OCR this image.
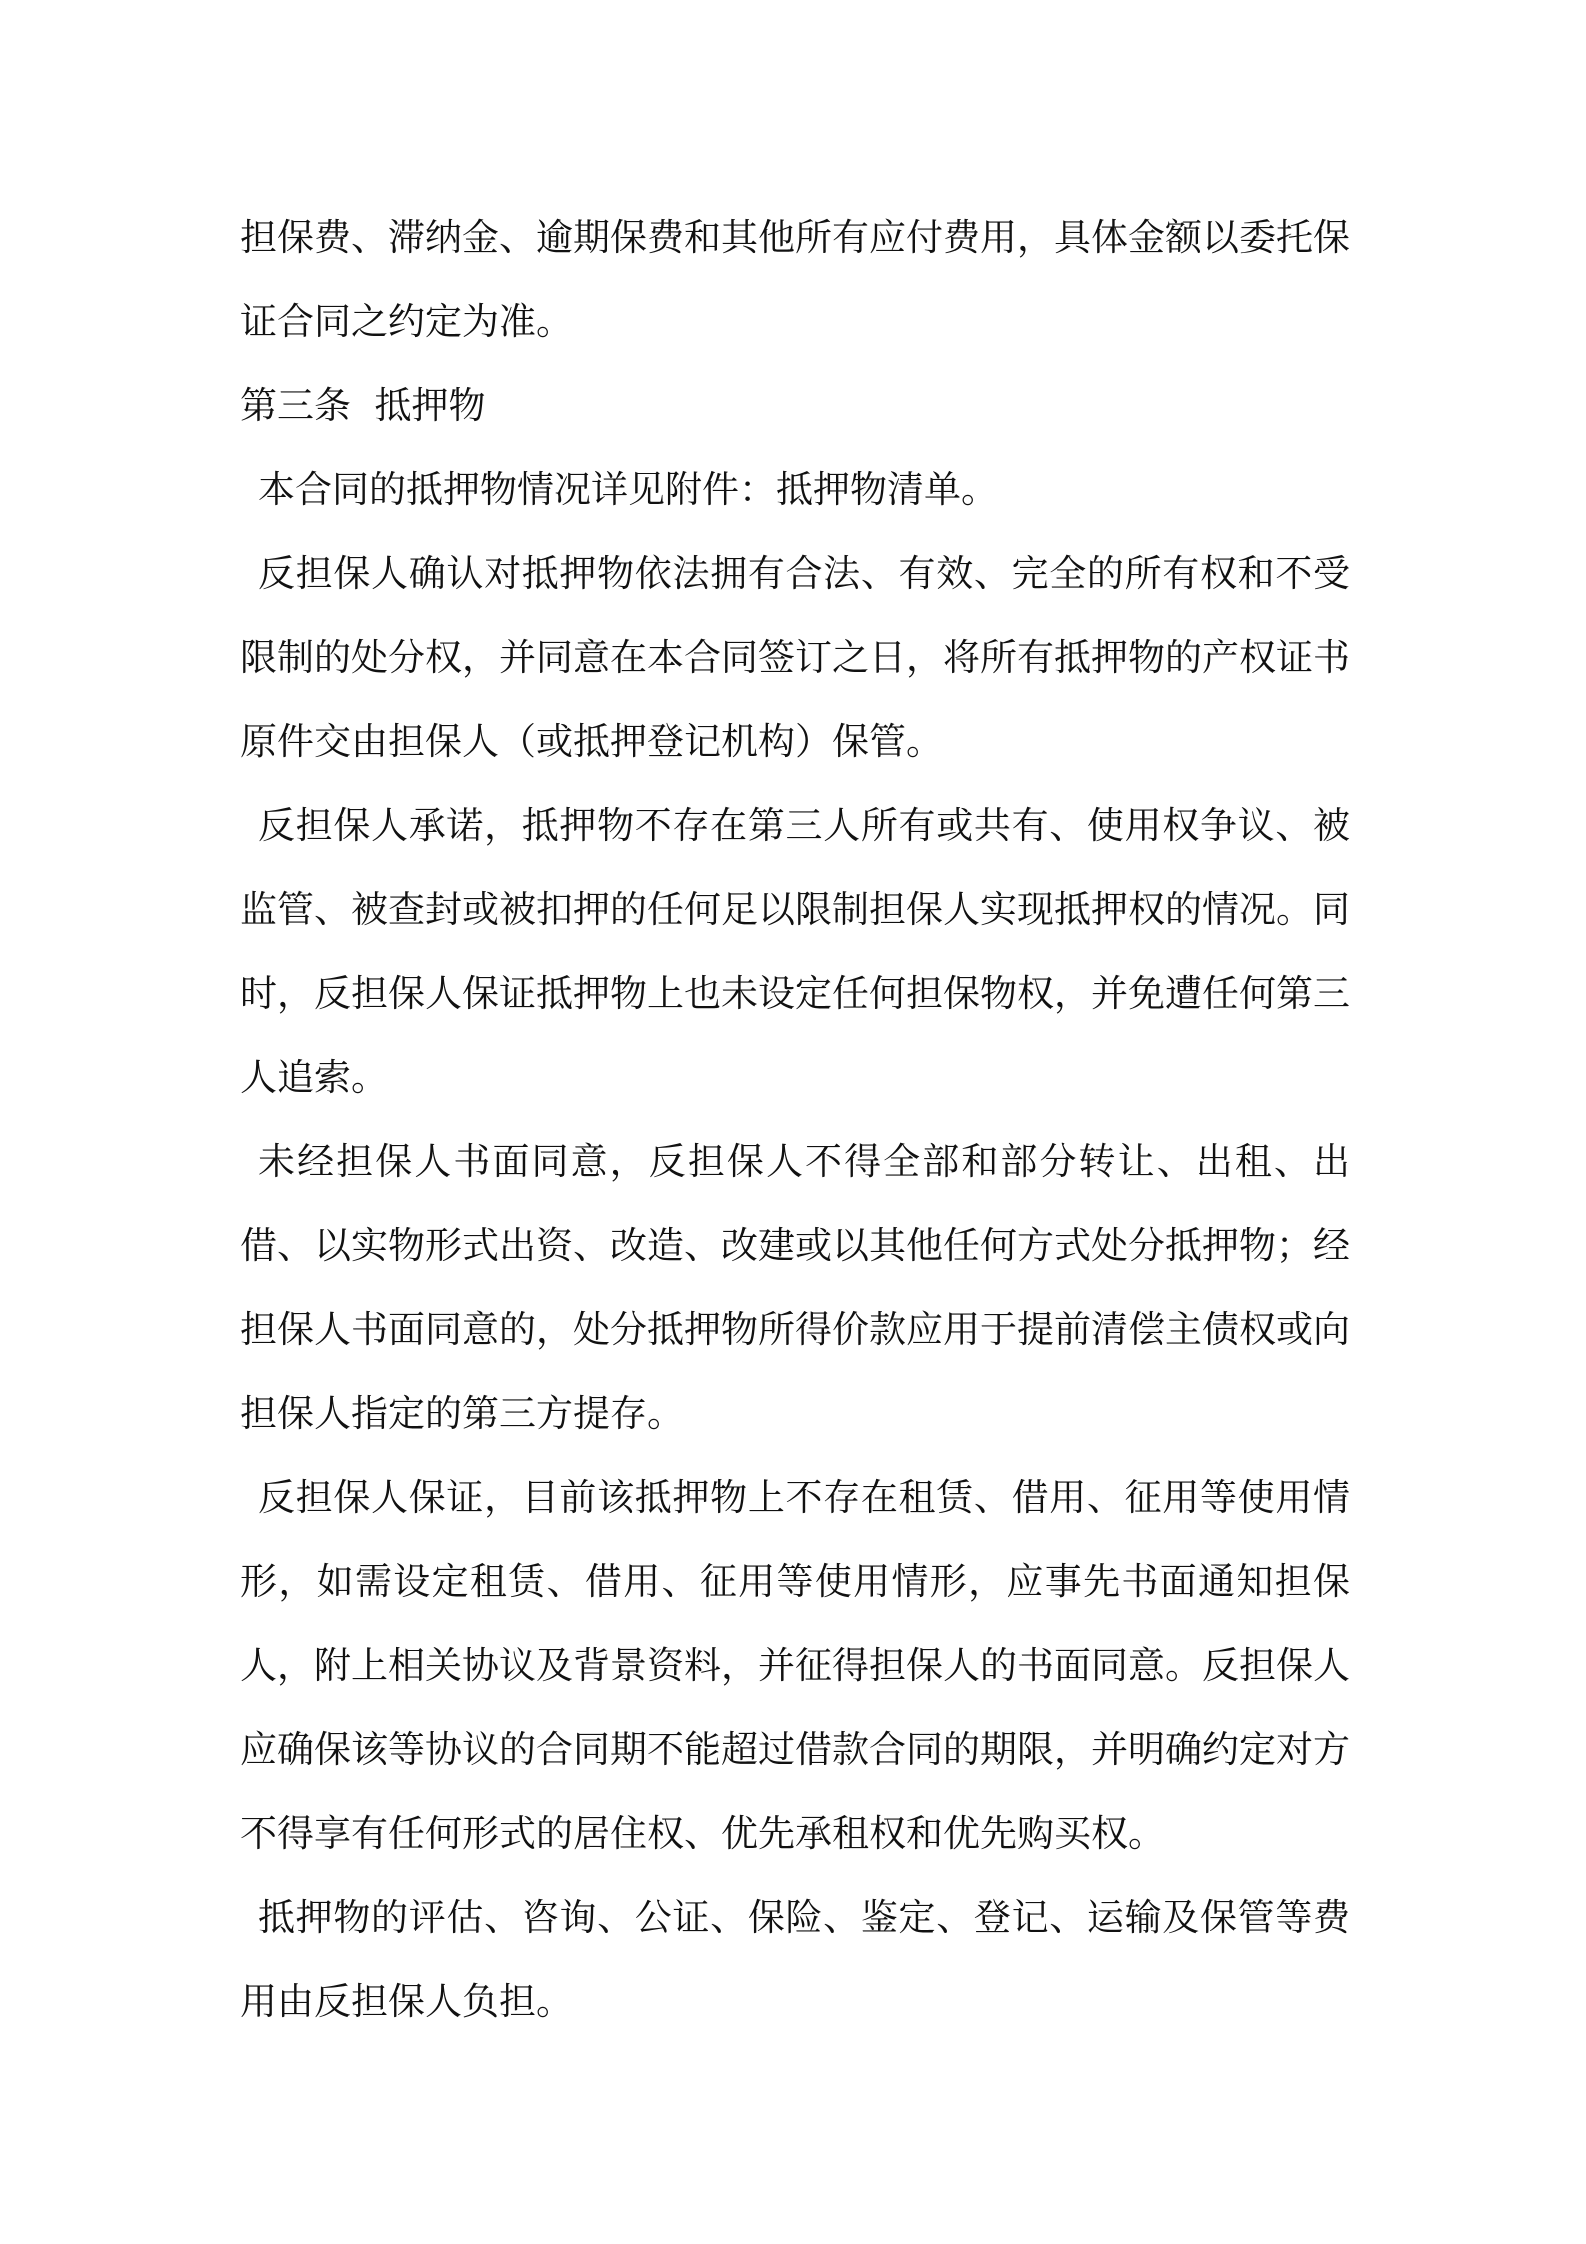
担保费、滞纳金、逾期保费和其他所有应付费用，具体金额以委托保证合同之约定为准。

第三条  抵押物

本合同的抵押物情况详见附件：抵押物清单。

反担保人确认对抵押物依法拥有合法、有效、完全的所有权和不受限制的处分权，并同意在本合同签订之日，将所有抵押物的产权证书原件交由担保人（或抵押登记机构）保管。

反担保人承诺，抵押物不存在第三人所有或共有、使用权争议、被监管、被查封或被扣押的任何足以限制担保人实现抵押权的情况。同时，反担保人保证抵押物上也未设定任何担保物权，并免遭任何第三人追索。

未经担保人书面同意，反担保人不得全部和部分转让、出租、出借、以实物形式出资、改造、改建或以其他任何方式处分抵押物；经担保人书面同意的，处分抵押物所得价款应用于提前清偿主债权或向担保人指定的第三方提存。

反担保人保证，目前该抵押物上不存在租赁、借用、征用等使用情形，如需设定租赁、借用、征用等使用情形，应事先书面通知担保人，附上相关协议及背景资料，并征得担保人的书面同意。反担保人应确保该等协议的合同期不能超过借款合同的期限，并明确约定对方不得享有任何形式的居住权、优先承租权和优先购买权。

抵押物的评估、咨询、公证、保险、鉴定、登记、运输及保管等费用由反担保人负担。
